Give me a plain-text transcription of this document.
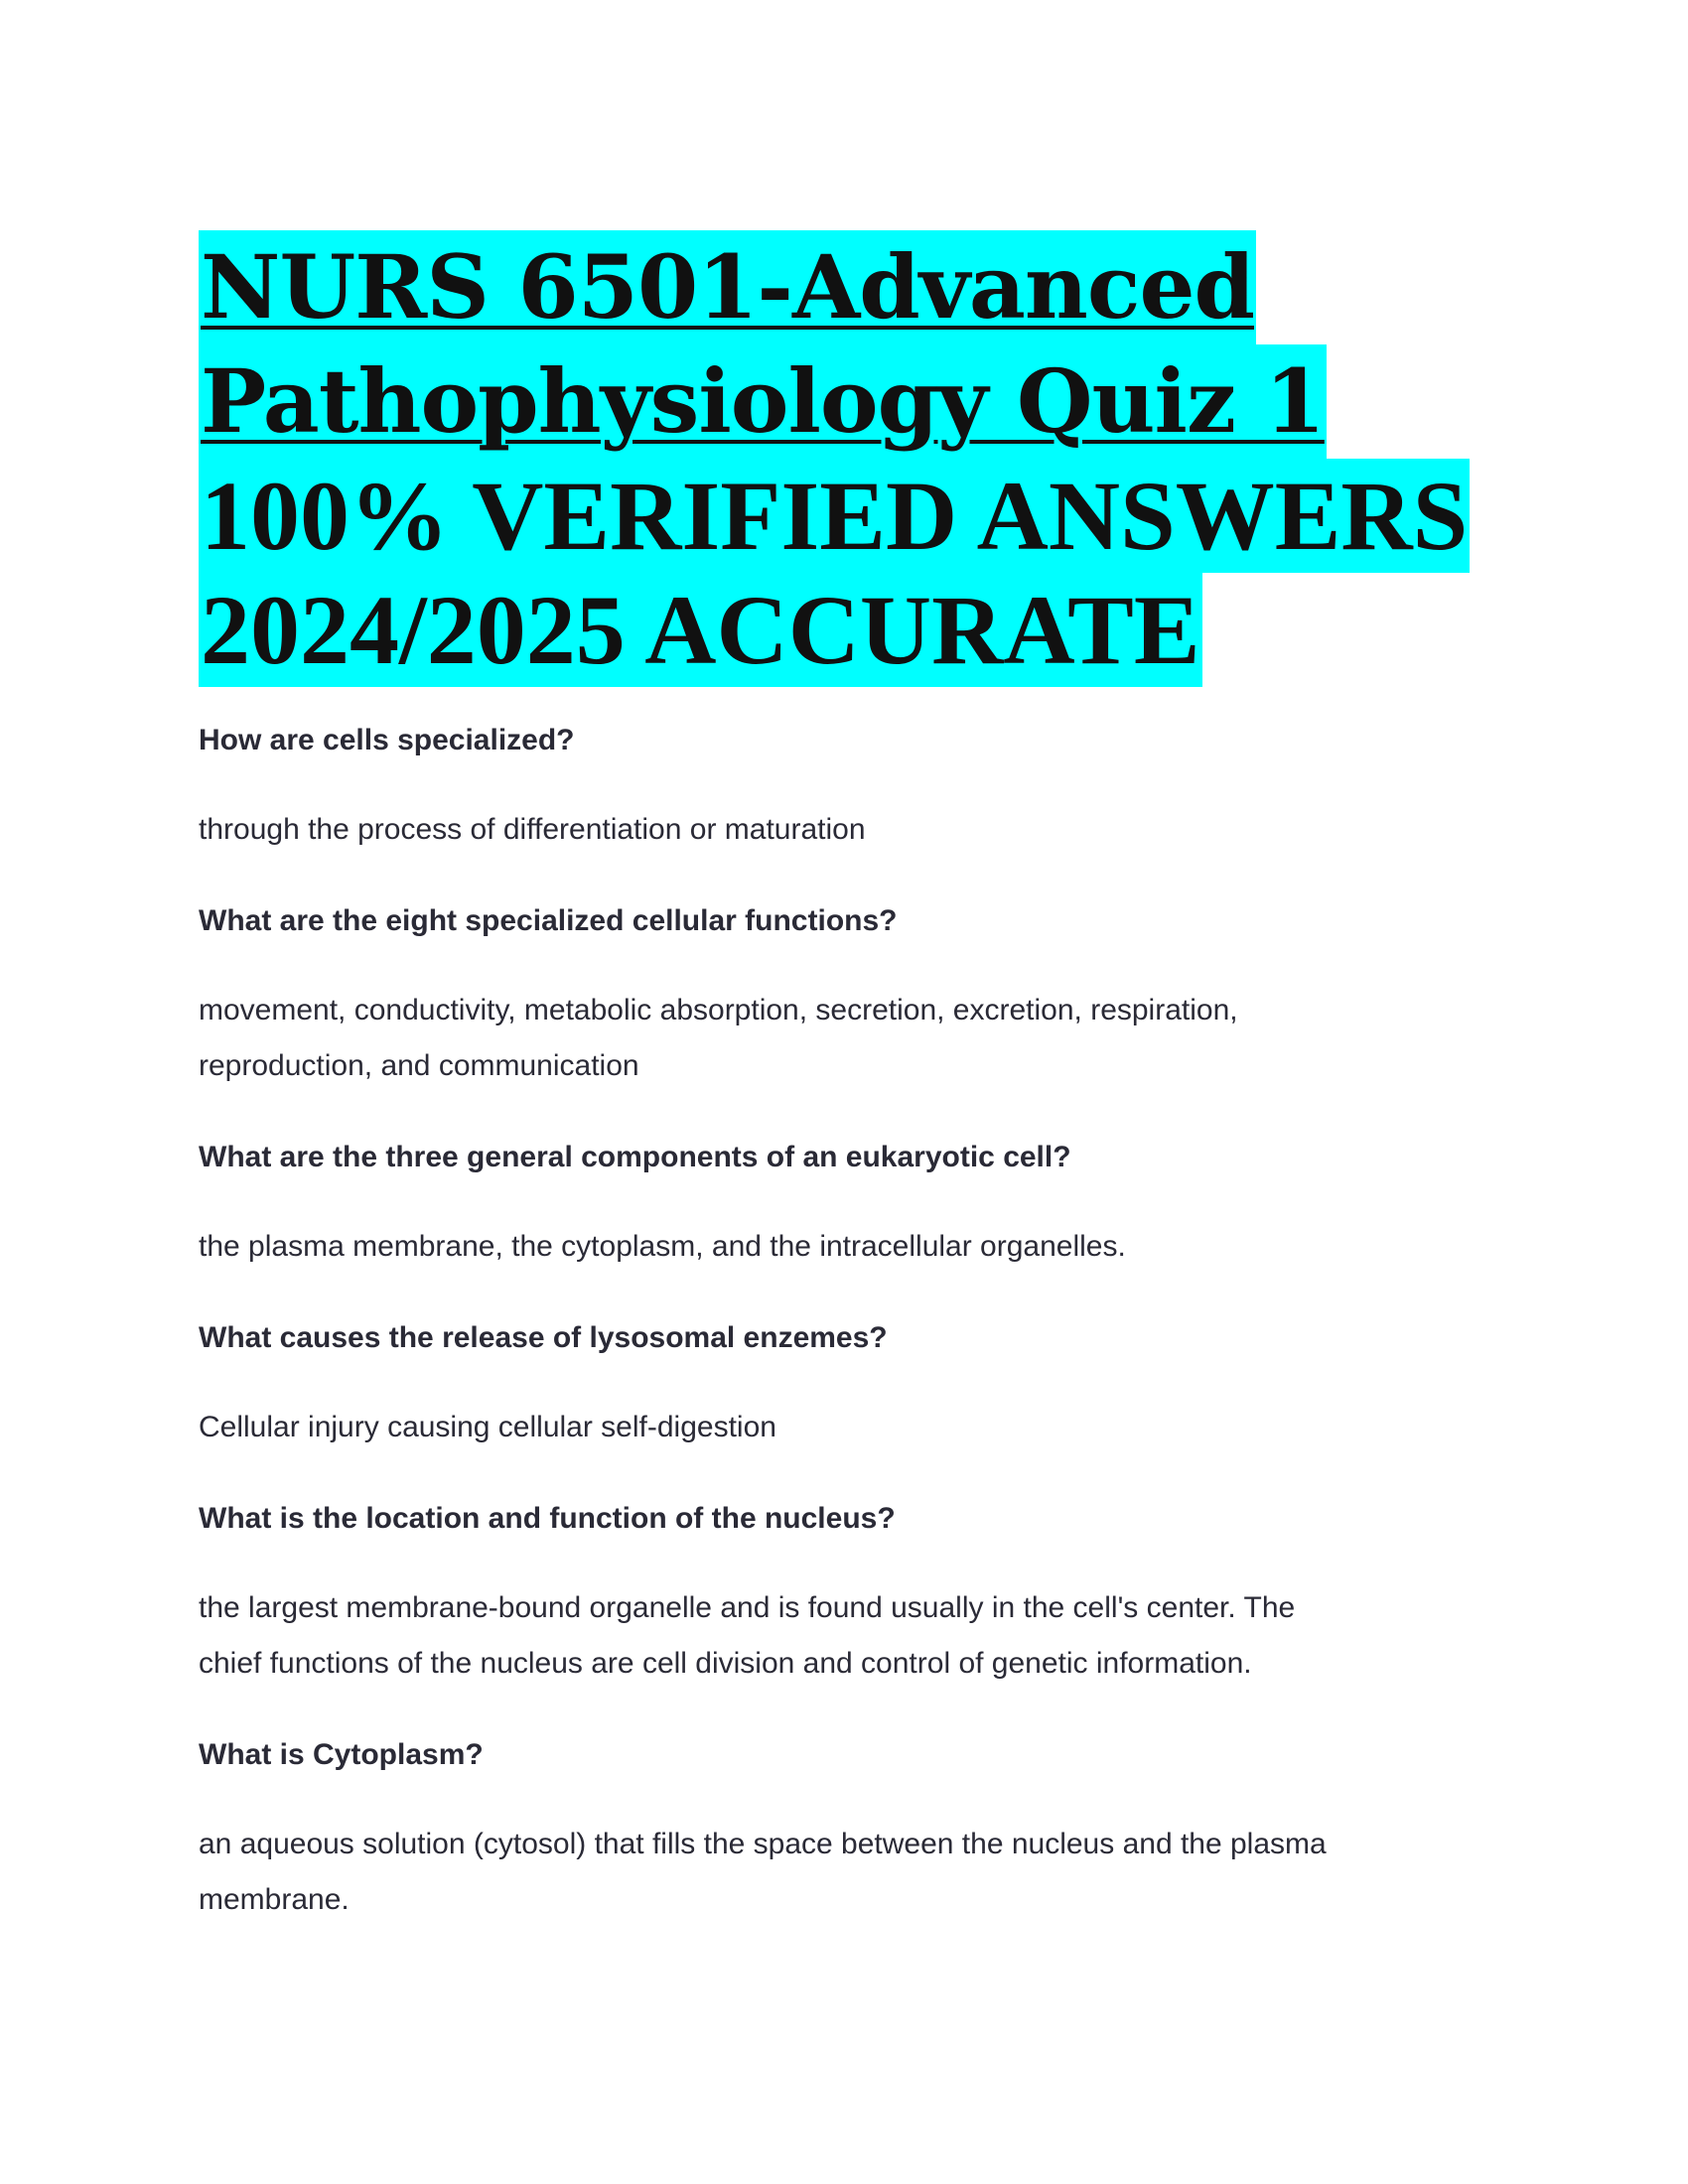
NURS 6501-Advanced
Pathophysiology Quiz 1
100% VERIFIED ANSWERS
2024/2025 ACCURATE

How are cells specialized?

through the process of differentiation or maturation

What are the eight specialized cellular functions?

movement, conductivity, metabolic absorption, secretion, excretion, respiration,
reproduction, and communication

What are the three general components of an eukaryotic cell?

the plasma membrane, the cytoplasm, and the intracellular organelles.

What causes the release of lysosomal enzemes?

Cellular injury causing cellular self-digestion

What is the location and function of the nucleus?

the largest membrane-bound organelle and is found usually in the cell's center. The
chief functions of the nucleus are cell division and control of genetic information.

What is Cytoplasm?

an aqueous solution (cytosol) that fills the space between the nucleus and the plasma
membrane.
